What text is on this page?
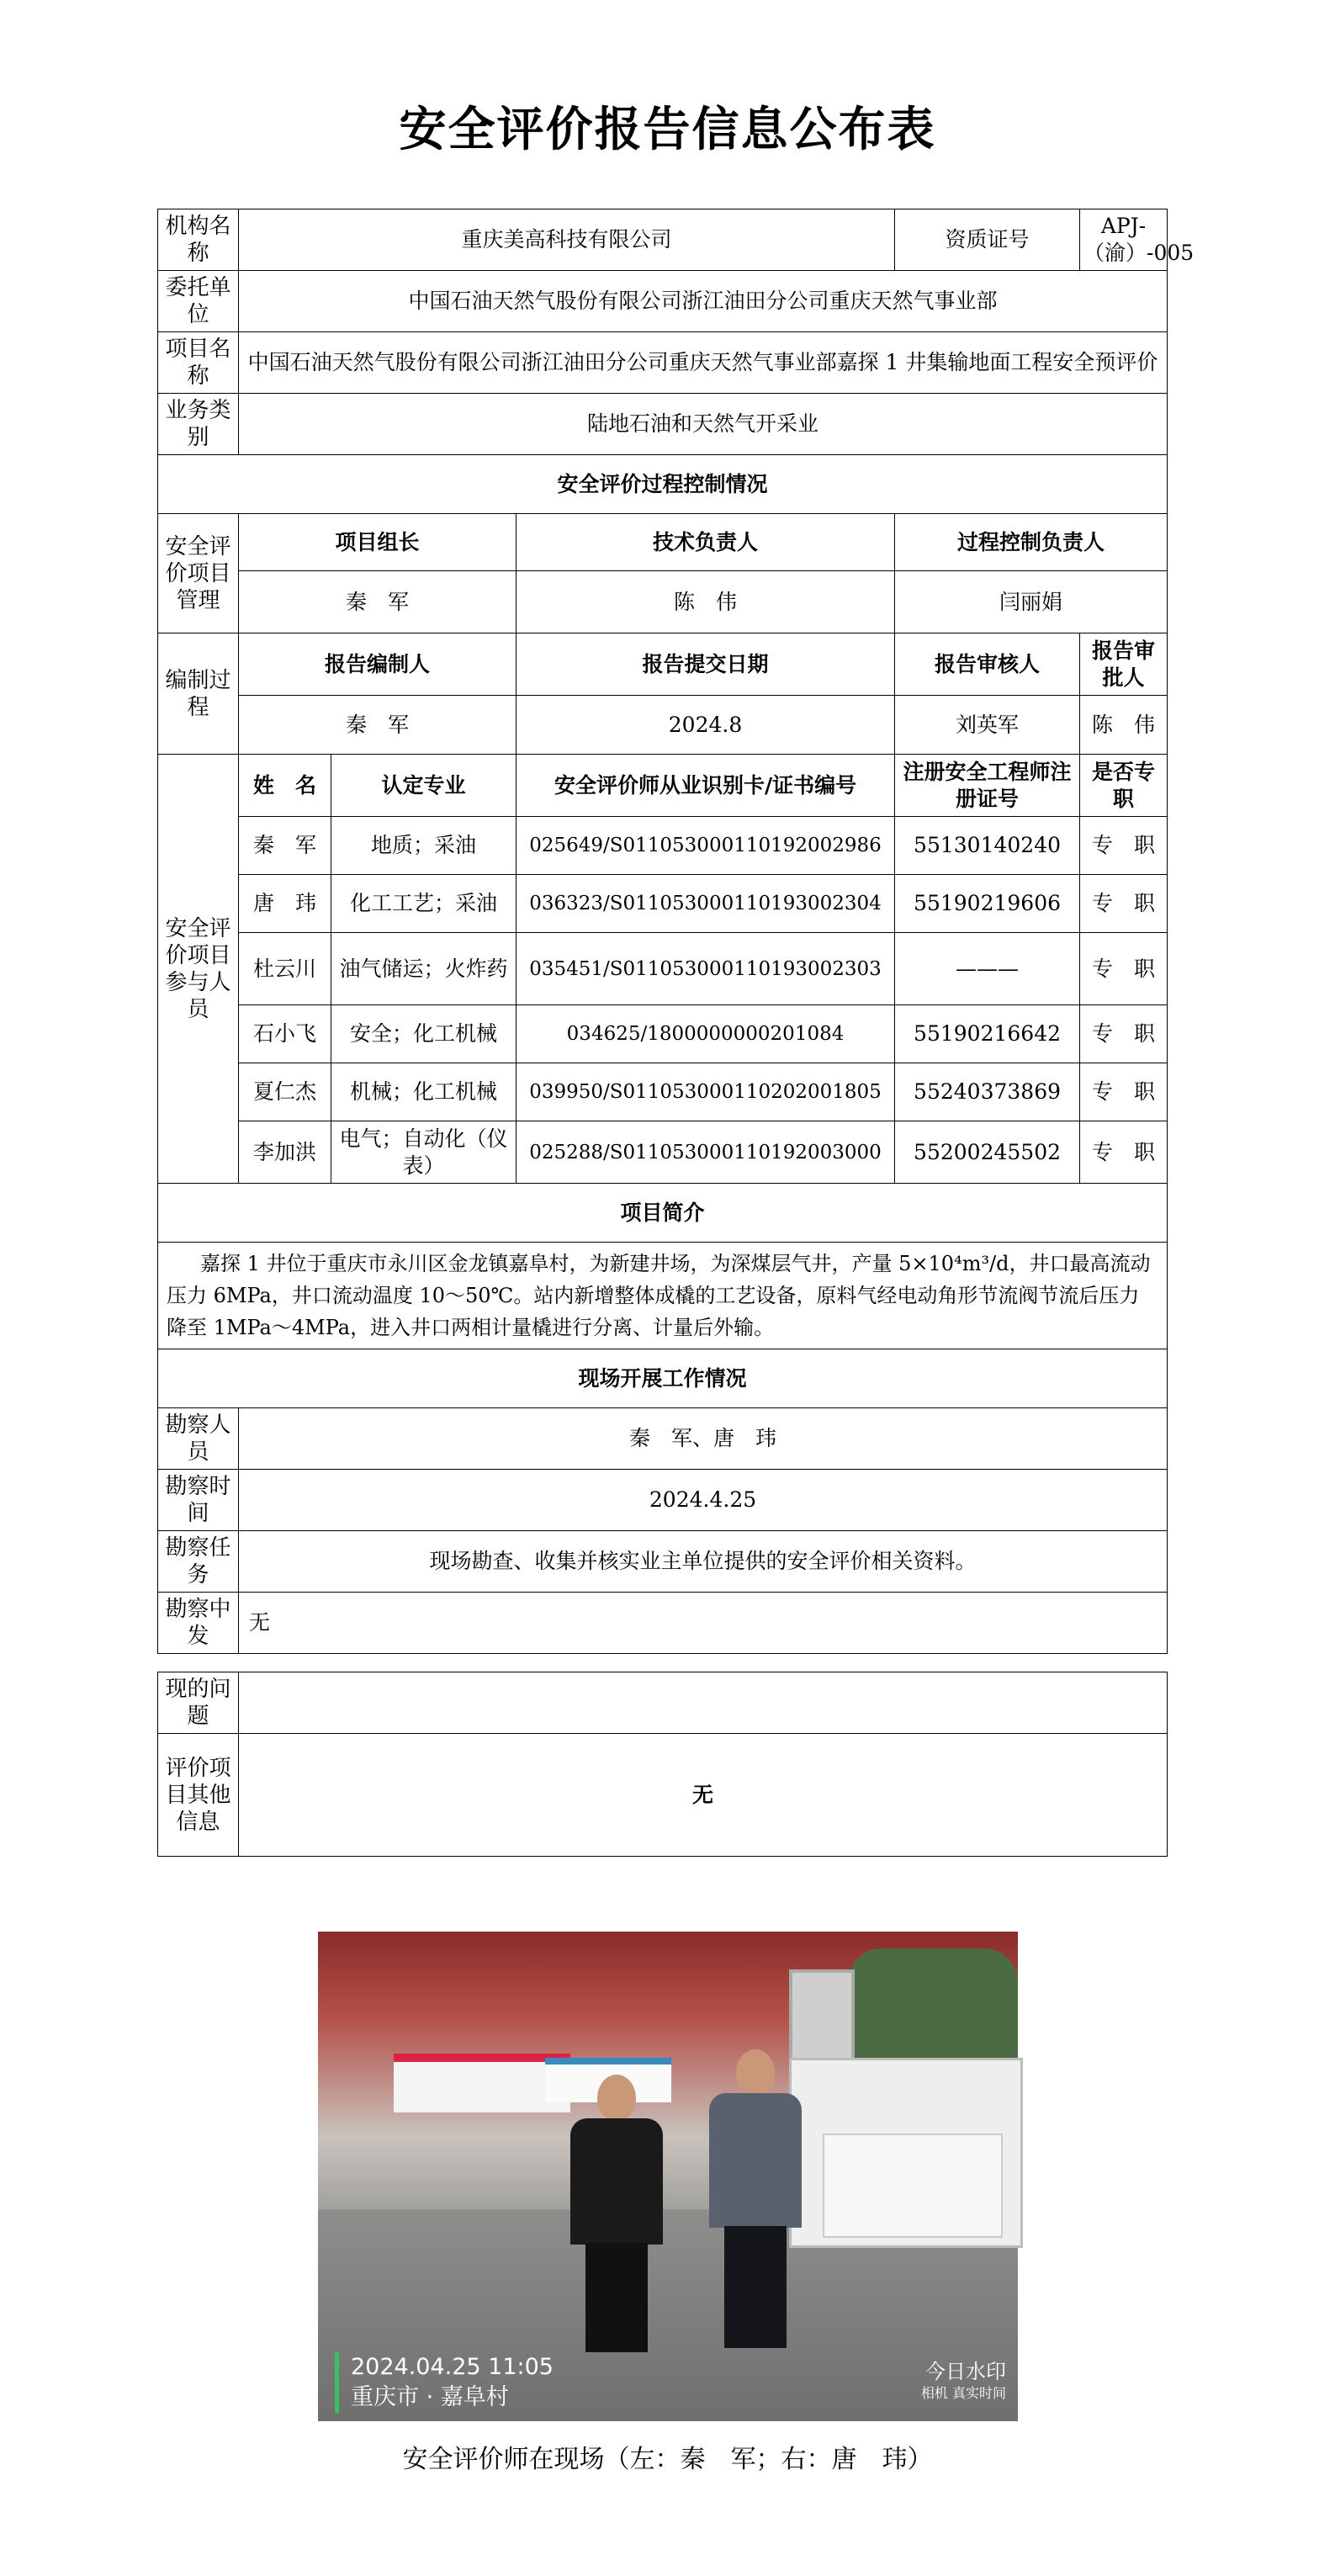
安全评价报告信息公布表
机构名称	重庆美高科技有限公司			资质证号	APJ-（渝）-005
委托单位	中国石油天然气股份有限公司浙江油田分公司重庆天然气事业部				
项目名称	中国石油天然气股份有限公司浙江油田分公司重庆天然气事业部嘉探 1 井集输地面工程安全预评价				
业务类别	陆地石油和天然气开采业				
安全评价过程控制情况					
安全评价项目管理	项目组长		技术负责人	过程控制负责人	
	秦　军		陈　伟	闫丽娟	
编制过程	报告编制人		报告提交日期	报告审核人	报告审批人
	秦　军		2024.8	刘英军	陈　伟
安全评价项目参与人员	姓　名	认定专业	安全评价师从业识别卡/证书编号	注册安全工程师注册证号	是否专职
	秦　军	地质；采油	025649/S011053000110192002986	55130140240	专　职
	唐　玮	化工工艺；采油	036323/S011053000110193002304	55190219606	专　职
	杜云川	油气储运；火炸药	035451/S011053000110193002303	———	专　职
	石小飞	安全；化工机械	034625/1800000000201084	55190216642	专　职
	夏仁杰	机械；化工机械	039950/S011053000110202001805	55240373869	专　职
	李加洪	电气；自动化（仪表）	025288/S011053000110192003000	55200245502	专　职
项目简介					
嘉探 1 井位于重庆市永川区金龙镇嘉阜村，为新建井场，为深煤层气井，产量 5×10⁴m³/d，井口最高流动压力 6MPa，井口流动温度 10～50℃。站内新增整体成橇的工艺设备，原料气经电动角形节流阀节流后压力降至 1MPa～4MPa，进入井口两相计量橇进行分离、计量后外输。					
现场开展工作情况					
勘察人员	秦　军、唐　玮				
勘察时间	2024.4.25				
勘察任务	现场勘查、收集并核实业主单位提供的安全评价相关资料。				
勘察中发	无				
现的问题	
评价项目其他信息	无
2024.04.25 11:05
重庆市 · 嘉阜村
今日水印
相机 真实时间
安全评价师在现场（左：秦　军；右：唐　玮）
